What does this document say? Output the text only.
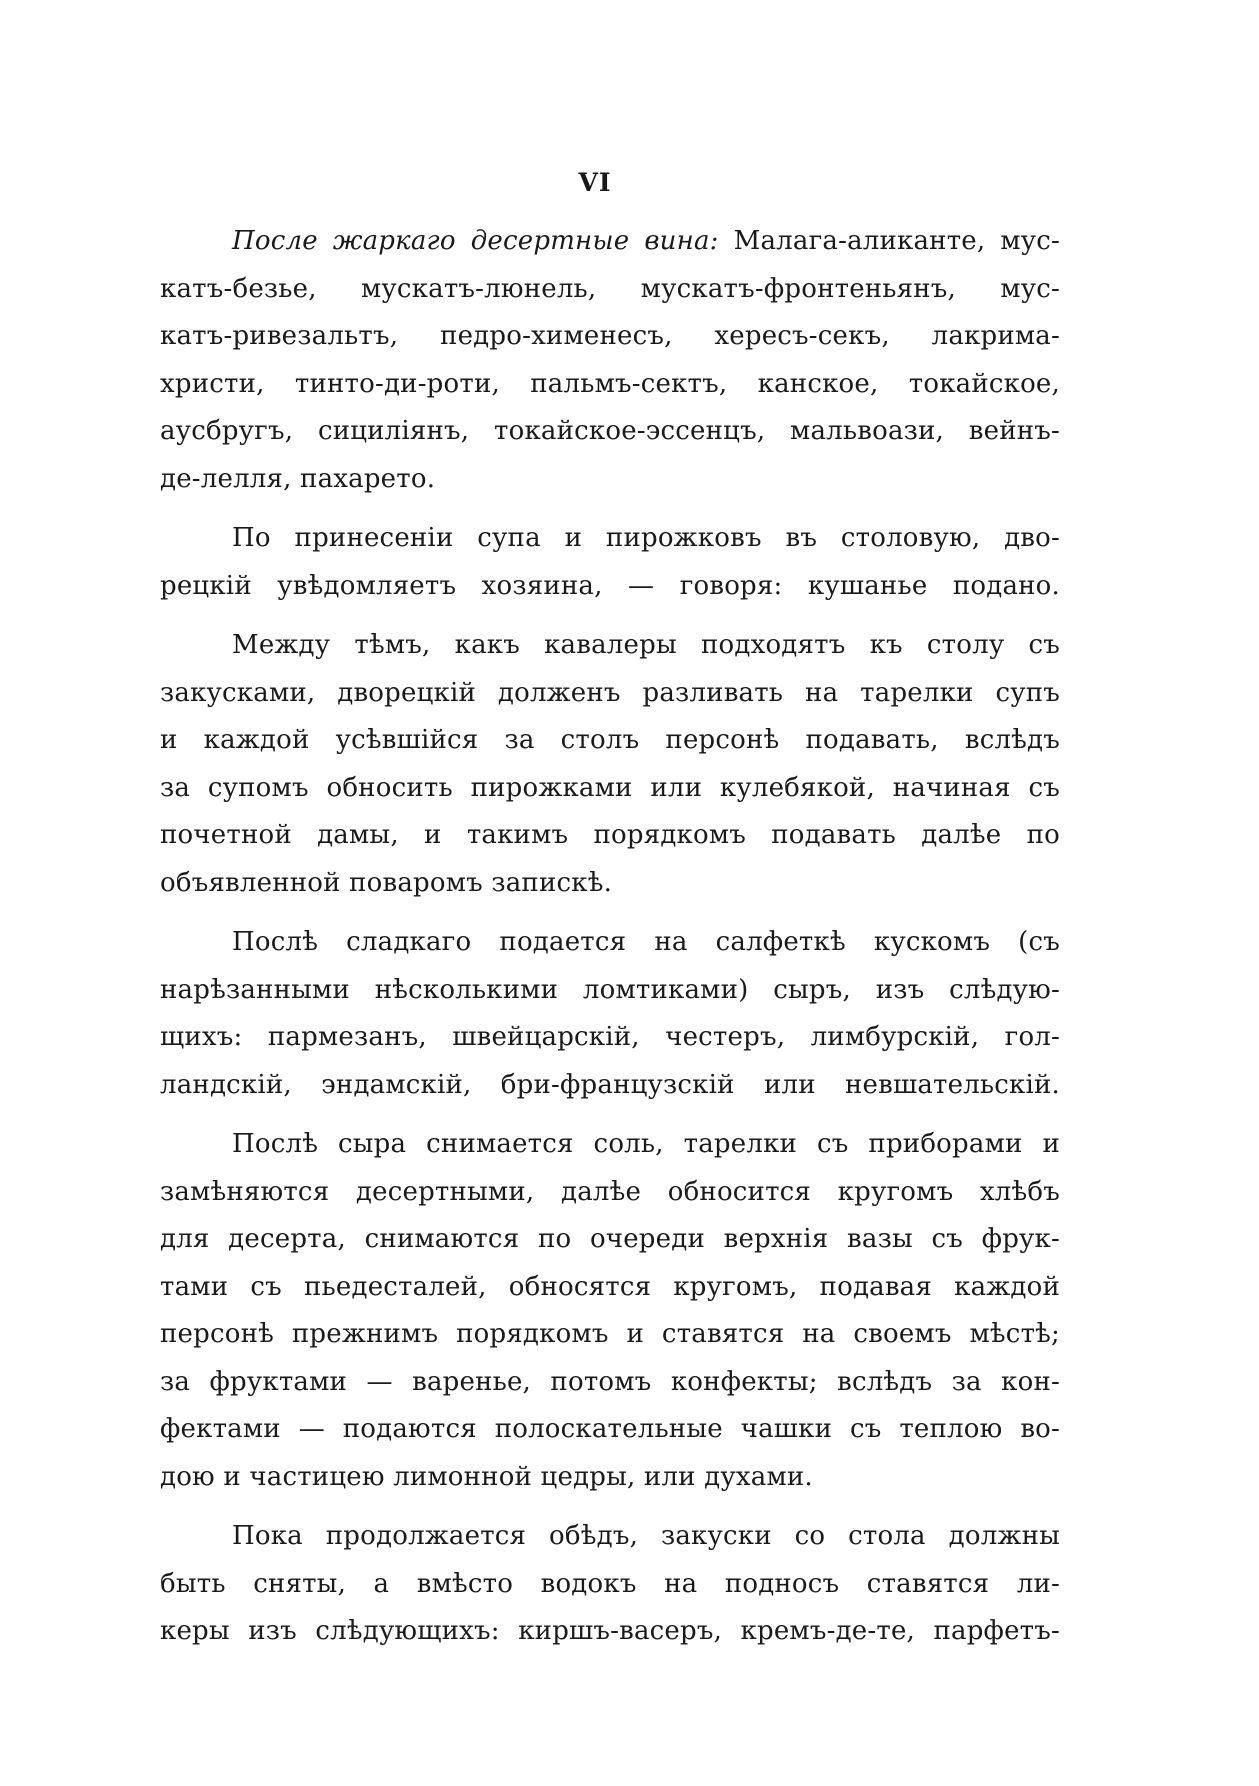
VI
После жаркаго десертные вина: Малага-аликанте, мус-
катъ-безье, мускатъ-люнель, мускатъ-фронтеньянъ, мус-
катъ-ривезальтъ, педро-хименесъ, хересъ-секъ, лакрима-
христи, тинто-ди-роти, пальмъ-сектъ, канское, токайское,
аусбругъ, сициліянъ, токайское-эссенцъ, мальвоази, вейнъ-
де-лелля, пахарето.
По принесеніи супа и пирожковъ въ столовую, дво-
рецкій увѣдомляетъ хозяина, — говоря: кушанье подано.
Между тѣмъ, какъ кавалеры подходятъ къ столу съ
закусками, дворецкій долженъ разливать на тарелки супъ
и каждой усѣвшійся за столъ персонѣ подавать, вслѣдъ
за супомъ обносить пирожками или кулебякой, начиная съ
почетной дамы, и такимъ порядкомъ подавать далѣе по
объявленной поваромъ запискѣ.
Послѣ сладкаго подается на салфеткѣ кускомъ (съ
нарѣзанными нѣсколькими ломтиками) сыръ, изъ слѣдую-
щихъ: пармезанъ, швейцарскій, честеръ, лимбурскій, гол-
ландскій, эндамскій, бри-французскій или невшательскій.
Послѣ сыра снимается соль, тарелки съ приборами и
замѣняются десертными, далѣе обносится кругомъ хлѣбъ
для десерта, снимаются по очереди верхнія вазы съ фрук-
тами съ пьедесталей, обносятся кругомъ, подавая каждой
персонѣ прежнимъ порядкомъ и ставятся на своемъ мѣстѣ;
за фруктами — варенье, потомъ конфекты; вслѣдъ за кон-
фектами — подаются полоскательные чашки съ теплою во-
дою и частицею лимонной цедры, или духами.
Пока продолжается обѣдъ, закуски со стола должны
быть сняты, а вмѣсто водокъ на подносъ ставятся ли-
керы изъ слѣдующихъ: киршъ-васеръ, кремъ-де-те, парфетъ-
